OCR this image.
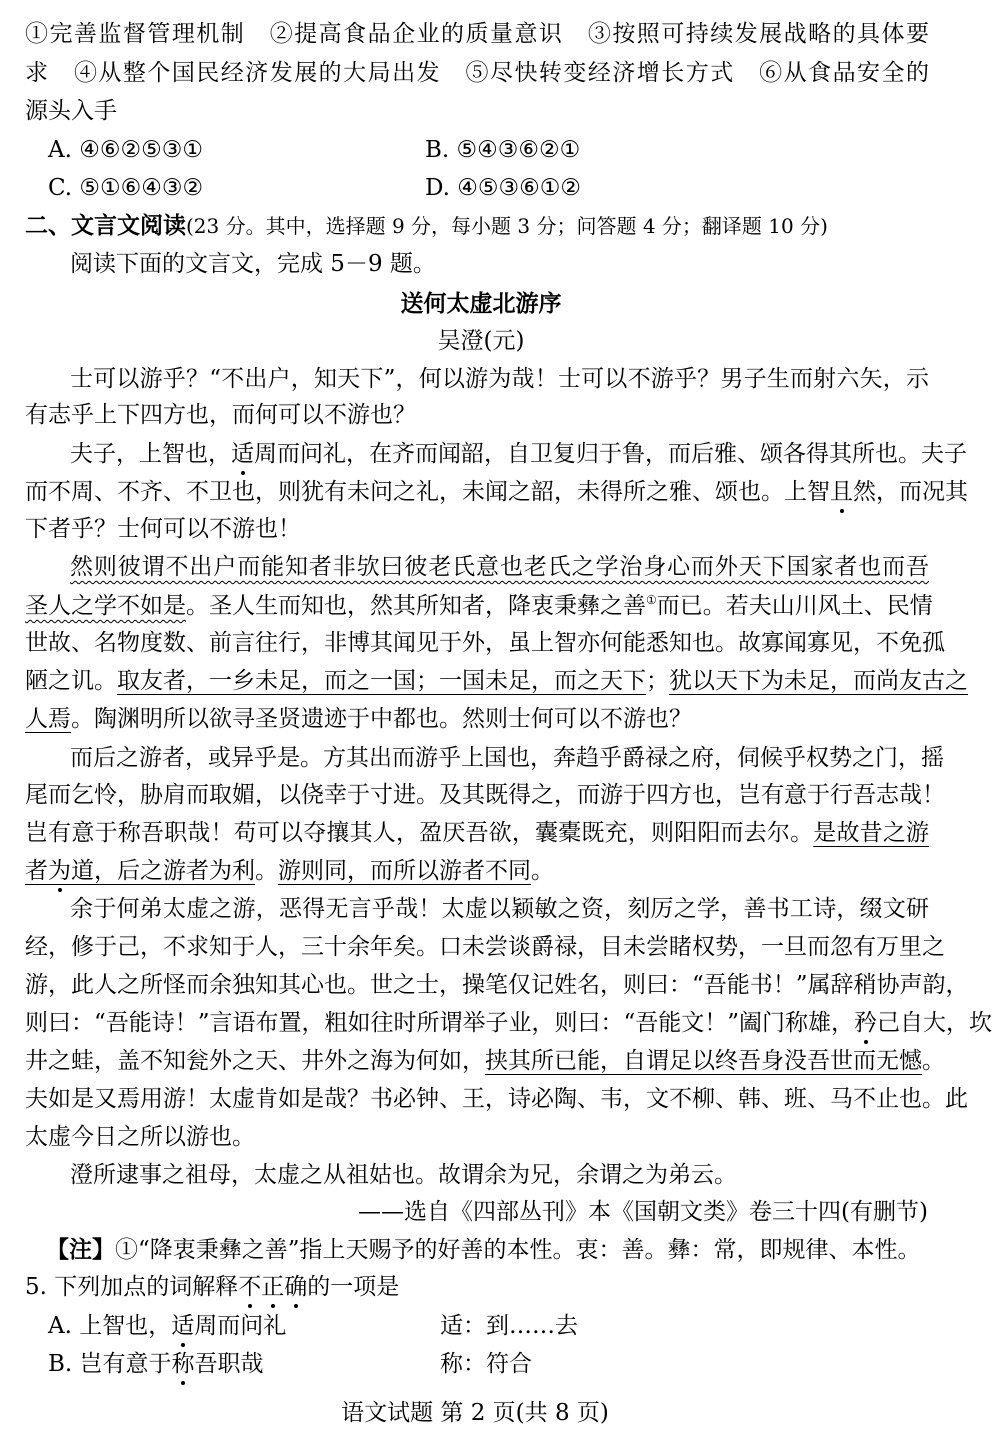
①完善监督管理机制　②提高食品企业的质量意识　③按照可持续发展战略的具体要
求　④从整个国民经济发展的大局出发　⑤尽快转变经济增长方式　⑥从食品安全的
源头入手
A. ④⑥②⑤③①	B. ⑤④③⑥②①
C. ⑤①⑥④③②	D. ④⑤③⑥①②
二、文言文阅读(23 分。其中，选择题 9 分，每小题 3 分；问答题 4 分；翻译题 10 分)
阅读下面的文言文，完成 5－9 题。
送何太虚北游序
吴澄(元)
士可以游乎？“不出户，知天下”，何以游为哉！士可以不游乎？男子生而射六矢，示
有志乎上下四方也，而何可以不游也？
夫子，上智也，适周而问礼，在齐而闻韶，自卫复归于鲁，而后雅、颂各得其所也。夫子
而不周、不齐、不卫也，则犹有未问之礼，未闻之韶，未得所之雅、颂也。上智且然，而况其
下者乎？士何可以不游也！
然则彼谓不出户而能知者非欤曰彼老氏意也老氏之学治身心而外天下国家者也而吾
圣人之学不如是。圣人生而知也，然其所知者，降衷秉彝之善①而已。若夫山川风土、民情
世故、名物度数、前言往行，非博其闻见于外，虽上智亦何能悉知也。故寡闻寡见，不免孤
陋之讥。取友者，一乡未足，而之一国；一国未足，而之天下；犹以天下为未足，而尚友古之
人焉。陶渊明所以欲寻圣贤遗迹于中都也。然则士何可以不游也？
而后之游者，或异乎是。方其出而游乎上国也，奔趋乎爵禄之府，伺候乎权势之门，摇
尾而乞怜，胁肩而取媚，以侥幸于寸进。及其既得之，而游于四方也，岂有意于行吾志哉！
岂有意于称吾职哉！苟可以夺攘其人，盈厌吾欲，囊橐既充，则阳阳而去尔。是故昔之游
者为道，后之游者为利。游则同，而所以游者不同。
余于何弟太虚之游，恶得无言乎哉！太虚以颖敏之资，刻厉之学，善书工诗，缀文研
经，修于己，不求知于人，三十余年矣。口未尝谈爵禄，目未尝睹权势，一旦而忽有万里之
游，此人之所怪而余独知其心也。世之士，操笔仅记姓名，则曰：“吾能书！”属辞稍协声韵，
则曰：“吾能诗！”言语布置，粗如往时所谓举子业，则曰：“吾能文！”阖门称雄，矜己自大，坎
井之蛙，盖不知瓮外之天、井外之海为何如，挟其所已能，自谓足以终吾身没吾世而无憾。
夫如是又焉用游！太虚肯如是哉？书必钟、王，诗必陶、韦，文不柳、韩、班、马不止也。此
太虚今日之所以游也。
澄所逮事之祖母，太虚之从祖姑也。故谓余为兄，余谓之为弟云。
——选自《四部丛刊》本《国朝文类》卷三十四(有删节)
【注】①“降衷秉彝之善”指上天赐予的好善的本性。衷：善。彝：常，即规律、本性。
5. 下列加点的词解释不正确的一项是
A. 上智也，适周而问礼	适：到……去
B. 岂有意于称吾职哉	称：符合
语文试题 第 2 页(共 8 页)
